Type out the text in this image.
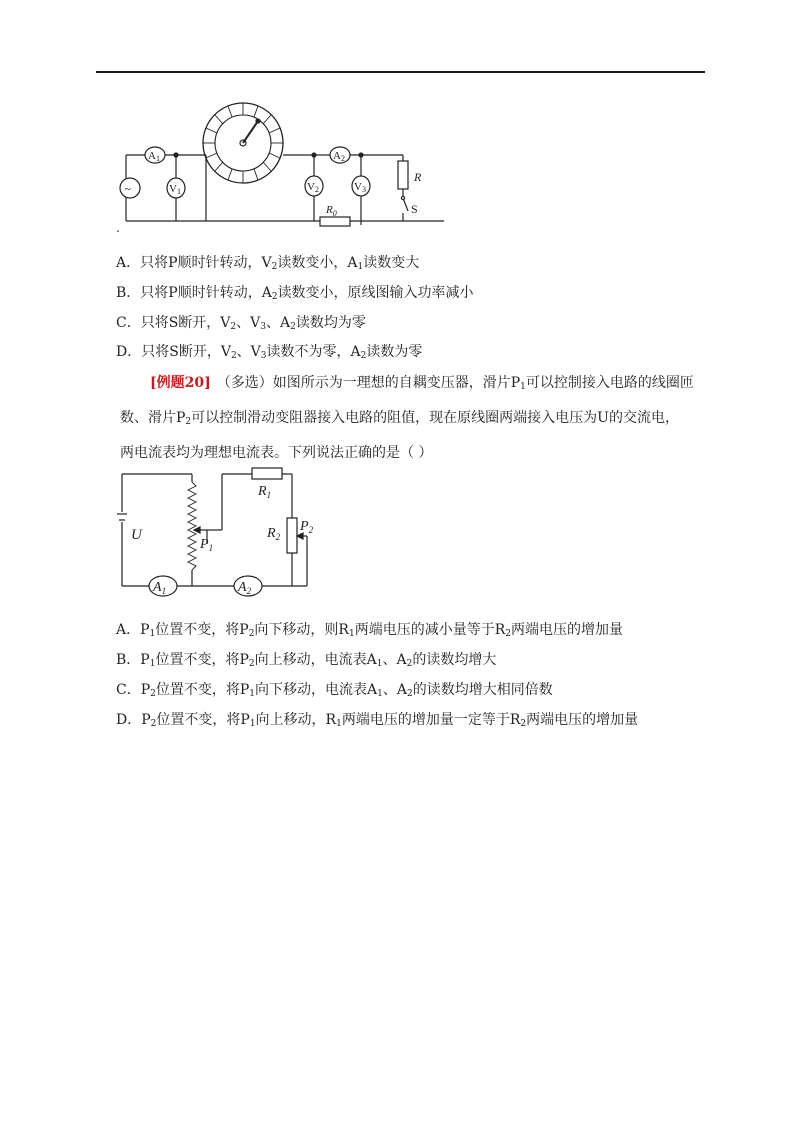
~
A1
V1	V2
A2
V3
$R_0$
R
S
.
A．只将P顺时针转动，$V_2$读数变小，$A_1$读数变大
B．只将P顺时针转动，$A_2$读数变小，原线图输入功率减小
C．只将S断开，$V_2$、$V_3$、$A_2$读数均为零
D．只将S断开，$V_2$、$V_3$读数不为零，$A_2$读数为零

[例题20] （多选）如图所示为一理想的自耦变压器，滑片$P_1$可以控制接入电路的线圈匝

数、滑片$P_2$可以控制滑动变阻器接入电路的阻值，现在原线圈两端接入电压为U的交流电，

两电流表均为理想电流表。下列说法正确的是（ ）

U
$P_1$
$R_1$
$R_2$
$P_2$
$A_1$	$A_2$
A．$P_1$位置不变，将$P_2$向下移动，则$R_1$两端电压的减小量等于$R_2$两端电压的增加量
B．$P_1$位置不变，将$P_2$向上移动，电流表$A_1$、$A_2$的读数均增大
C．$P_2$位置不变，将$P_1$向下移动，电流表$A_1$、$A_2$的读数均增大相同倍数
D．$P_2$位置不变，将$P_1$向上移动，$R_1$两端电压的增加量一定等于$R_2$两端电压的增加量
